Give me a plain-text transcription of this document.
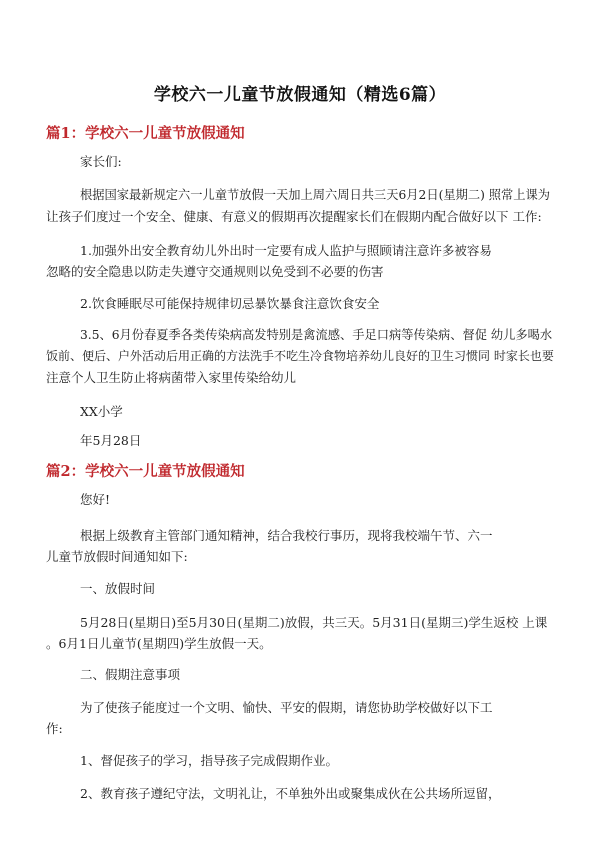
学校六一儿童节放假通知（精选6篇）
篇1：学校六一儿童节放假通知
家长们:
根据国家最新规定六一儿童节放假一天加上周六周日共三天6月2日(星期二) 照常上课为
让孩子们度过一个安全、健康、有意义的假期再次提醒家长们在假期内配合做好以下 工作:
1.加强外出安全教育幼儿外出时一定要有成人监护与照顾请注意许多被容易
忽略的安全隐患以防走失遵守交通规则以免受到不必要的伤害
2.饮食睡眠尽可能保持规律切忌暴饮暴食注意饮食安全
3.5、6月份春夏季各类传染病高发特别是禽流感、手足口病等传染病、督促 幼儿多喝水
饭前、便后、户外活动后用正确的方法洗手不吃生冷食物培养幼儿良好的卫生习惯同 时家长也要
注意个人卫生防止将病菌带入家里传染给幼儿
XX小学
年5月28日
篇2：学校六一儿童节放假通知
您好!
根据上级教育主管部门通知精神，结合我校行事历，现将我校端午节、六一
儿童节放假时间通知如下:
一、放假时间
5月28日(星期日)至5月30日(星期二)放假，共三天。5月31日(星期三)学生返校 上课
。6月1日儿童节(星期四)学生放假一天。
二、假期注意事项
为了使孩子能度过一个文明、愉快、平安的假期，请您协助学校做好以下工
作:
1、督促孩子的学习，指导孩子完成假期作业。
2、教育孩子遵纪守法，文明礼让，不单独外出或聚集成伙在公共场所逗留，
